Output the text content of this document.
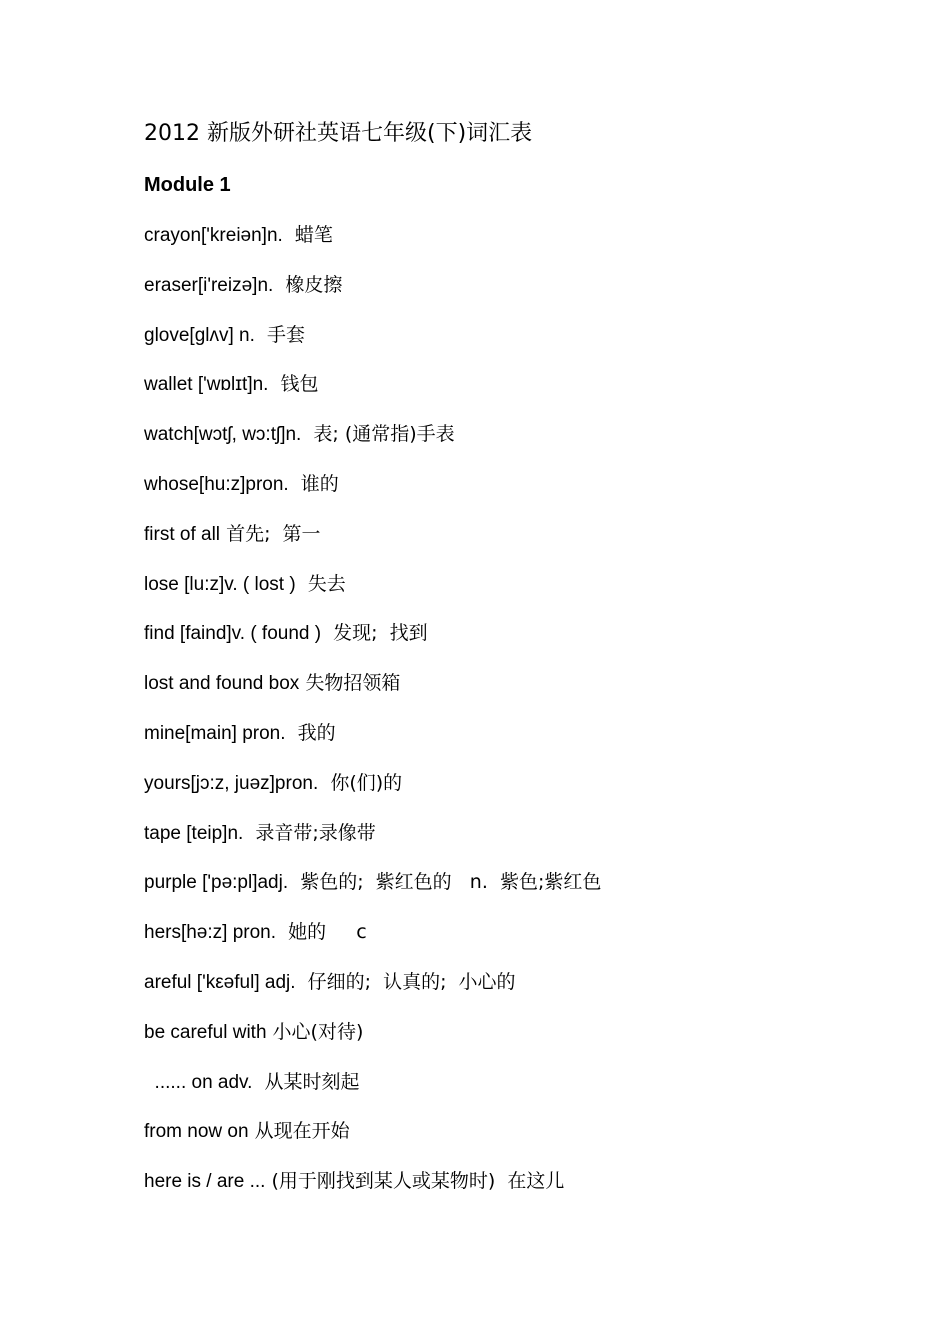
2012 新版外研社英语七年级(下)词汇表
Module 1
crayon['kreiən]n.  蜡笔
eraser[i'reizə]n.  橡皮擦
glove[ɡlʌv] n.  手套
wallet ['wɒlɪt]n.  钱包
watch[wɔtʃ, wɔ:tʃ]n.  表; (通常指)手表
whose[hu:z]pron.  谁的
first of all 首先;  第一
lose [lu:z]v. ( lost )  失去
find [faind]v. ( found )  发现;  找到
lost and found box 失物招领箱
mine[main] pron.  我的
yours[jɔ:z, juəz]pron.  你(们)的
tape [teip]n.  录音带;录像带
purple ['pə:pl]adj.  紫色的;  紫红色的   n.  紫色;紫红色
hers[hə:z] pron.  她的     c
areful ['kεəful] adj.  仔细的;  认真的;  小心的
be careful with 小心(对待)
...... on adv.  从某时刻起
from now on 从现在开始
here is / are ... (用于刚找到某人或某物时)  在这儿
